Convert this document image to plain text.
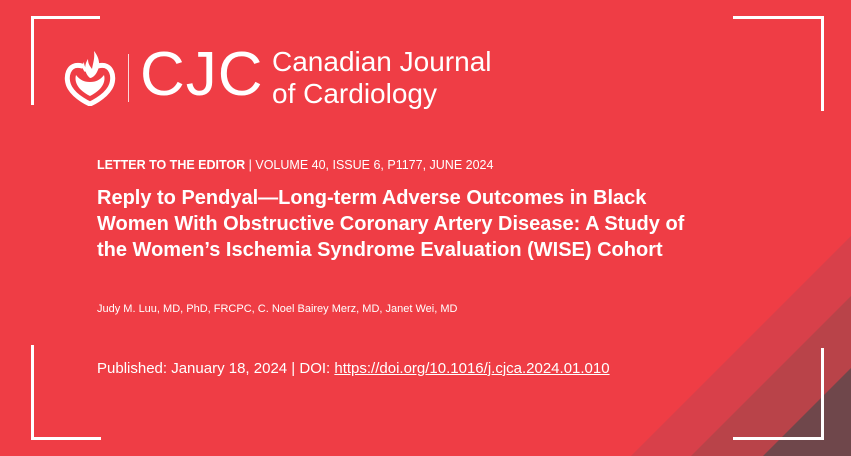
CJC Canadian Journal
of Cardiology
LETTER TO THE EDITOR | VOLUME 40, ISSUE 6, P1177, JUNE 2024
Reply to Pendyal—Long-term Adverse Outcomes in Black Women With Obstructive Coronary Artery Disease: A Study of the Women’s Ischemia Syndrome Evaluation (WISE) Cohort
Judy M. Luu, MD, PhD, FRCPC, C. Noel Bairey Merz, MD, Janet Wei, MD
Published: January 18, 2024 | DOI: https://doi.org/10.1016/j.cjca.2024.01.010
